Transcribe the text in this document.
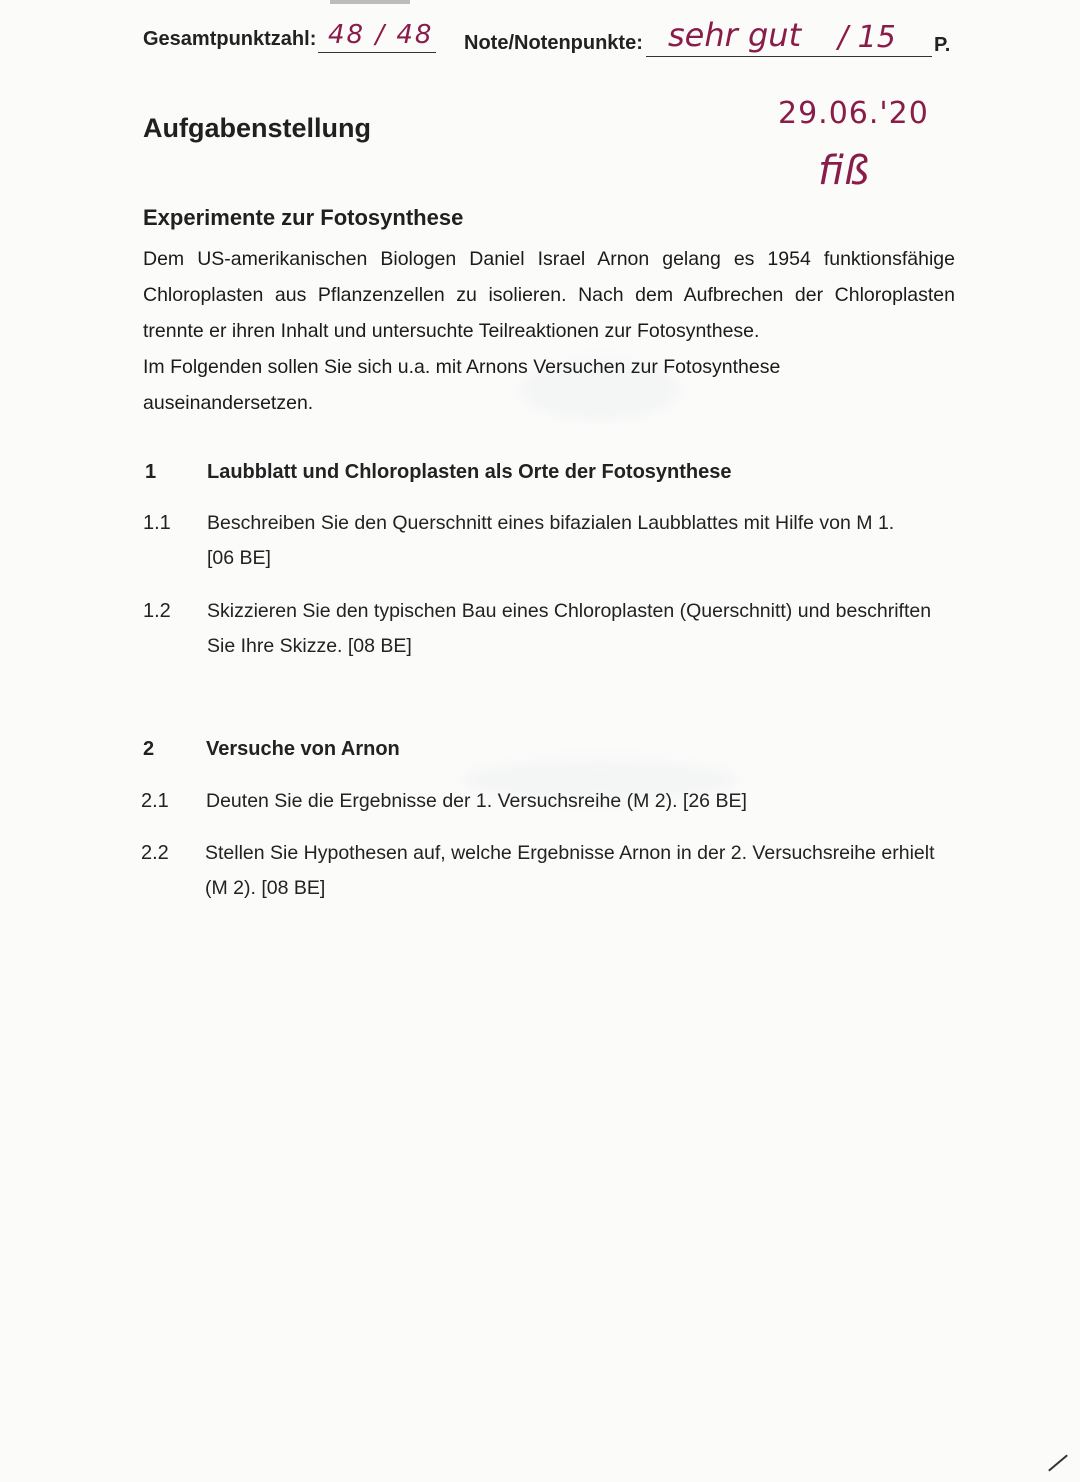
Gesamtpunktzahl: 48 / 48 Note/Notenpunkte: sehr gut / 15 P.
29.06.'20
fiß
Aufgabenstellung
Experimente zur Fotosynthese

Dem US-amerikanischen Biologen Daniel Israel Arnon gelang es 1954 funktionsfähige Chloroplasten aus Pflanzenzellen zu isolieren. Nach dem Aufbrechen der Chloroplasten trennte er ihren Inhalt und untersuchte Teilreaktionen zur Fotosynthese.

Im Folgenden sollen Sie sich u.a. mit Arnons Versuchen zur Fotosynthese auseinandersetzen.

1	Laubblatt und Chloroplasten als Orte der Fotosynthese
1.1 Beschreiben Sie den Querschnitt eines bifazialen Laubblattes mit Hilfe von M 1.
[06 BE]
1.2 Skizzieren Sie den typischen Bau eines Chloroplasten (Querschnitt) und beschriften Sie Ihre Skizze. [08 BE]
2	Versuche von Arnon
2.1 Deuten Sie die Ergebnisse der 1. Versuchsreihe (M 2). [26 BE]
2.2 Stellen Sie Hypothesen auf, welche Ergebnisse Arnon in der 2. Versuchsreihe erhielt (M 2). [08 BE]
